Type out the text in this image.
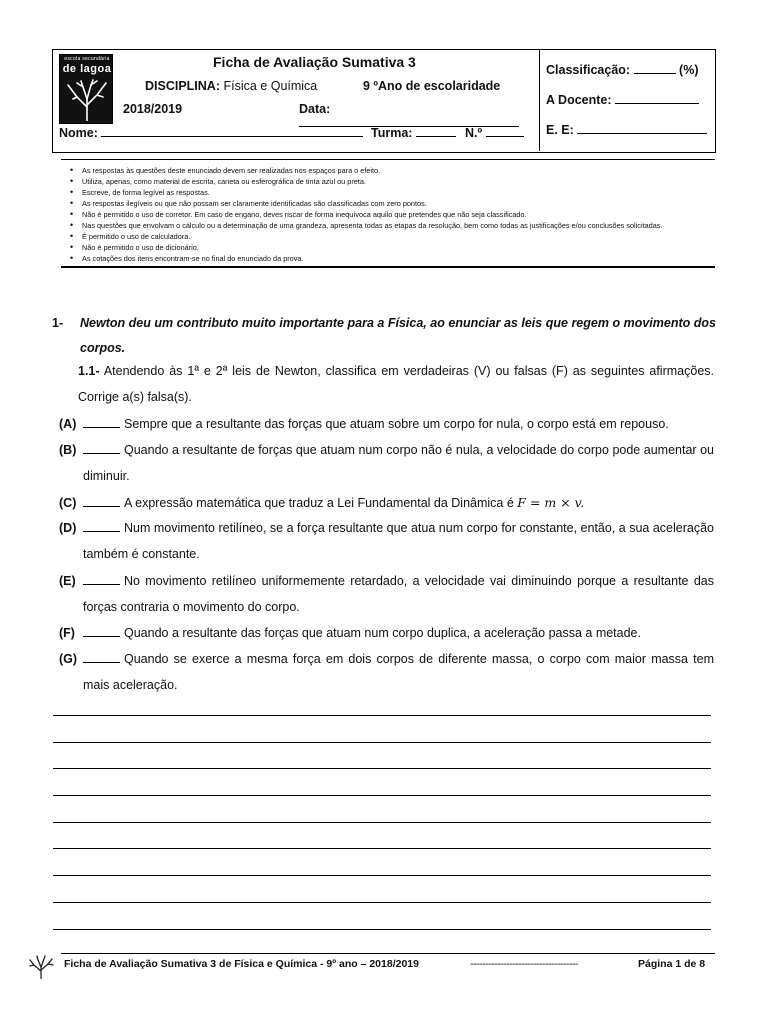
escola secundária
de lagoa	Ficha de Avaliação Sumativa 3
DISCIPLINA: Física e Química	9 ºAno de escolaridade
2018/2019	Data:
Nome:	Turma:	N.º
Classificação:	(%)
A Docente:
E. E:
• As respostas às questões deste enunciado devem ser realizadas nos espaços para o efeito.
• Utiliza, apenas, como material de escrita, caneta ou esferográfica de tinta azul ou preta.
• Escreve, de forma legível as respostas.
• As respostas ilegíveis ou que não possam ser claramente identificadas são classificadas com zero pontos.
• Não é permitido o uso de corretor. Em caso de engano, deves riscar de forma inequívoca aquilo que pretendes que não seja classificado.
• Nas questões que envolvam o cálculo ou a determinação de uma grandeza, apresenta todas as etapas da resolução, bem como todas as justificações e/ou conclusões solicitadas.
• É permitido o uso de calculadora.
• Não é permitido o uso de dicionário.
• As cotações dos itens encontram-se no final do enunciado da prova.
1- Newton deu um contributo muito importante para a Física, ao enunciar as leis que regem o movimento dos corpos.
1.1- Atendendo às 1ª e 2ª leis de Newton, classifica em verdadeiras (V) ou falsas (F) as seguintes afirmações. Corrige a(s) falsa(s).
(A)	Sempre que a resultante das forças que atuam sobre um corpo for nula, o corpo está em repouso.
(B)	Quando a resultante de forças que atuam num corpo não é nula, a velocidade do corpo pode aumentar ou diminuir.
(C)	A expressão matemática que traduz a Lei Fundamental da Dinâmica é F = m × v.
(D)	Num movimento retilíneo, se a força resultante que atua num corpo for constante, então, a sua aceleração também é constante.
(E)	No movimento retilíneo uniformemente retardado, a velocidade vai diminuindo porque a resultante das forças contraria o movimento do corpo.
(F)	Quando a resultante das forças que atuam num corpo duplica, a aceleração passa a metade.
(G)	Quando se exerce a mesma força em dois corpos de diferente massa, o corpo com maior massa tem mais aceleração.
Ficha de Avaliação Sumativa 3 de Física e Química - 9º ano – 2018/2019	------------------------------------	Página 1 de 8
